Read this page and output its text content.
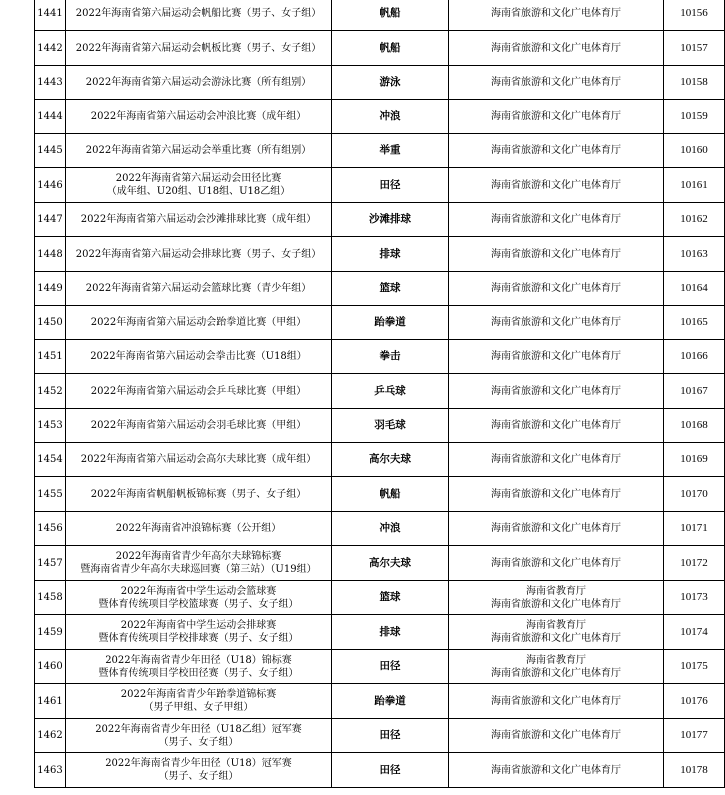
1441	2022年海南省第六届运动会帆船比赛（男子、女子组）	帆船	海南省旅游和文化广电体育厅	10156
1442	2022年海南省第六届运动会帆板比赛（男子、女子组）	帆船	海南省旅游和文化广电体育厅	10157
1443	2022年海南省第六届运动会游泳比赛（所有组别）	游泳	海南省旅游和文化广电体育厅	10158
1444	2022年海南省第六届运动会冲浪比赛（成年组）	冲浪	海南省旅游和文化广电体育厅	10159
1445	2022年海南省第六届运动会举重比赛（所有组别）	举重	海南省旅游和文化广电体育厅	10160
1446	2022年海南省第六届运动会田径比赛
（成年组、U20组、U18组、U18乙组）	田径	海南省旅游和文化广电体育厅	10161
1447	2022年海南省第六届运动会沙滩排球比赛（成年组）	沙滩排球	海南省旅游和文化广电体育厅	10162
1448	2022年海南省第六届运动会排球比赛（男子、女子组）	排球	海南省旅游和文化广电体育厅	10163
1449	2022年海南省第六届运动会篮球比赛（青少年组）	篮球	海南省旅游和文化广电体育厅	10164
1450	2022年海南省第六届运动会跆拳道比赛（甲组）	跆拳道	海南省旅游和文化广电体育厅	10165
1451	2022年海南省第六届运动会拳击比赛（U18组）	拳击	海南省旅游和文化广电体育厅	10166
1452	2022年海南省第六届运动会乒乓球比赛（甲组）	乒乓球	海南省旅游和文化广电体育厅	10167
1453	2022年海南省第六届运动会羽毛球比赛（甲组）	羽毛球	海南省旅游和文化广电体育厅	10168
1454	2022年海南省第六届运动会高尔夫球比赛（成年组）	高尔夫球	海南省旅游和文化广电体育厅	10169
1455	2022年海南省帆船帆板锦标赛（男子、女子组）	帆船	海南省旅游和文化广电体育厅	10170
1456	2022年海南省冲浪锦标赛（公开组）	冲浪	海南省旅游和文化广电体育厅	10171
1457	2022年海南省青少年高尔夫球锦标赛
暨海南省青少年高尔夫球巡回赛（第三站）（U19组）	高尔夫球	海南省旅游和文化广电体育厅	10172
1458	2022年海南省中学生运动会篮球赛
暨体育传统项目学校篮球赛（男子、女子组）	篮球	海南省教育厅
海南省旅游和文化广电体育厅	10173
1459	2022年海南省中学生运动会排球赛
暨体育传统项目学校排球赛（男子、女子组）	排球	海南省教育厅
海南省旅游和文化广电体育厅	10174
1460	2022年海南省青少年田径（U18）锦标赛
暨体育传统项目学校田径赛（男子、女子组）	田径	海南省教育厅
海南省旅游和文化广电体育厅	10175
1461	2022年海南省青少年跆拳道锦标赛
（男子甲组、女子甲组）	跆拳道	海南省旅游和文化广电体育厅	10176
1462	2022年海南省青少年田径（U18乙组）冠军赛
（男子、女子组）	田径	海南省旅游和文化广电体育厅	10177
1463	2022年海南省青少年田径（U18）冠军赛
（男子、女子组）	田径	海南省旅游和文化广电体育厅	10178
